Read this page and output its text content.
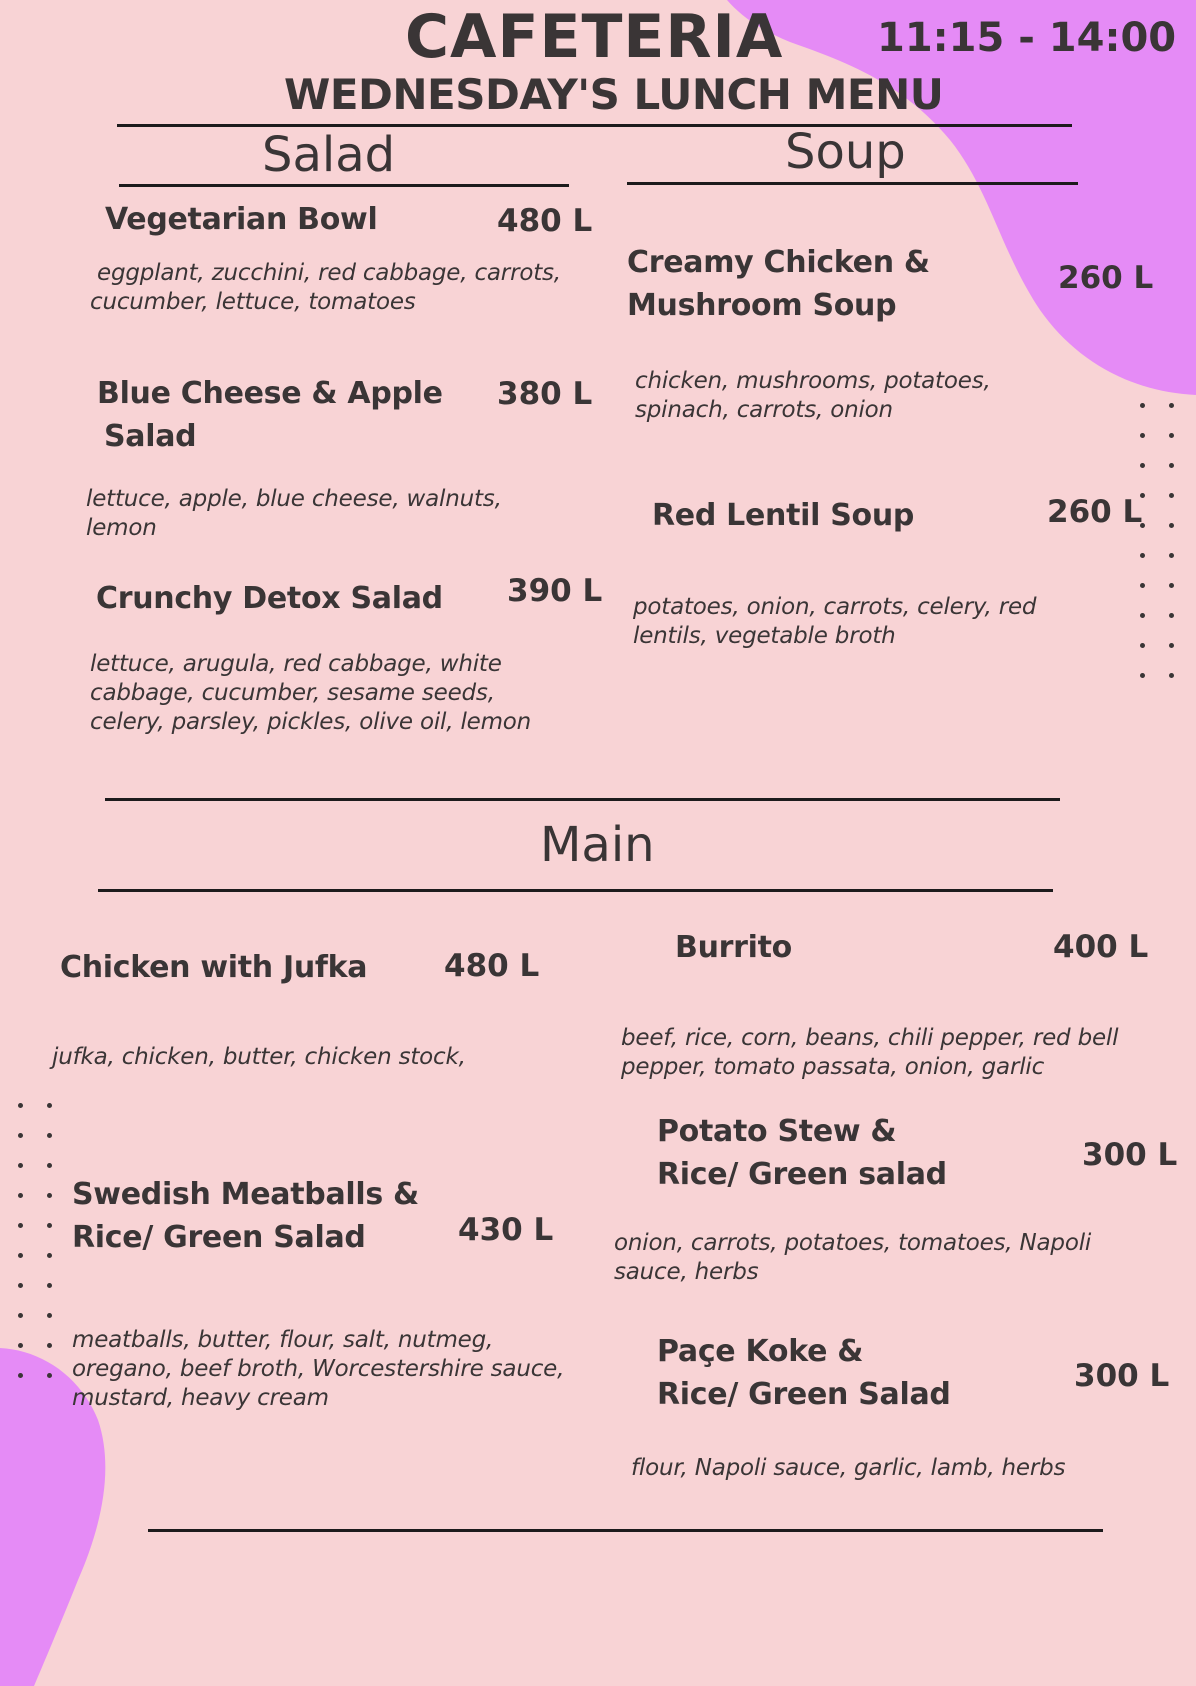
CAFETERIA 11:15 - 14:00
WEDNESDAY'S LUNCH MENU
Salad
Vegetarian Bowl	480 L
eggplant, zucchini, red cabbage, carrots,
cucumber, lettuce, tomatoes
Blue Cheese & Apple
Salad
380 L
lettuce, apple, blue cheese, walnuts,
lemon
Crunchy Detox Salad 390 L
lettuce, arugula, red cabbage, white
cabbage, cucumber, sesame seeds,
celery, parsley, pickles, olive oil, lemon
Soup
Creamy Chicken &
Mushroom Soup
260 L
chicken, mushrooms, potatoes,
spinach, carrots, onion
Red Lentil Soup	260 L
potatoes, onion, carrots, celery, red
lentils, vegetable broth
Main
Chicken with Jufka 480 L
jufka, chicken, butter, chicken stock,
Burrito	400 L
beef, rice, corn, beans, chili pepper, red bell
pepper, tomato passata, onion, garlic
Potato Stew &
Rice/ Green salad
300 L
onion, carrots, potatoes, tomatoes, Napoli
sauce, herbs
Swedish Meatballs &
Rice/ Green Salad	430 L
meatballs, butter, flour, salt, nutmeg,
oregano, beef broth, Worcestershire sauce,
mustard, heavy cream
Paçe Koke &
Rice/ Green Salad
300 L
flour, Napoli sauce, garlic, lamb, herbs
